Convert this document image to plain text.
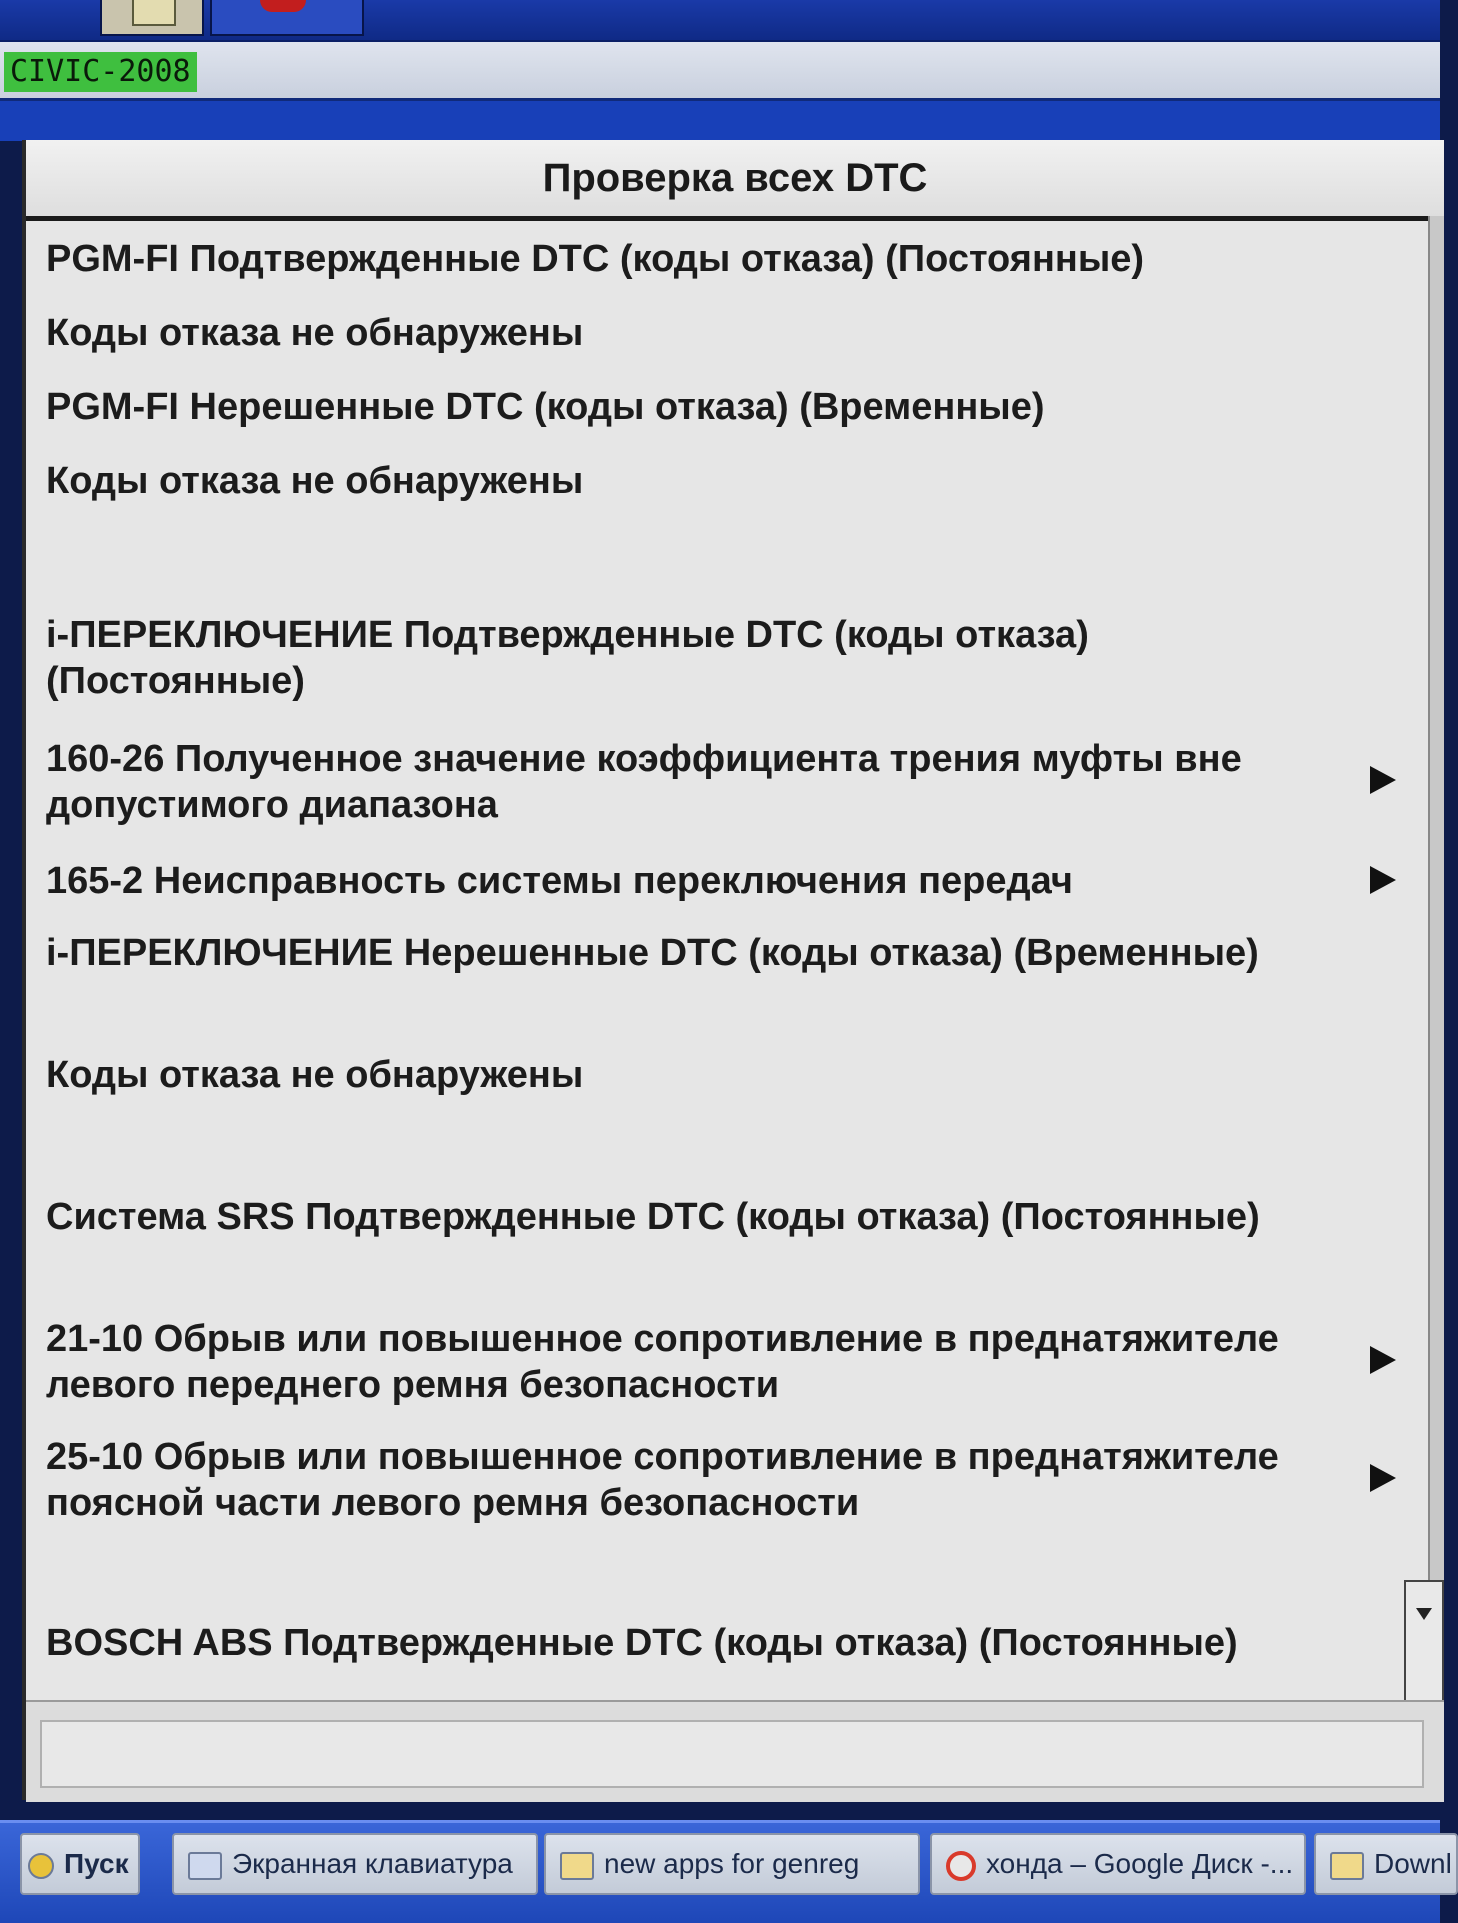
CIVIC-2008
Проверка всех DTC
PGM-FI Подтвержденные DTC (коды отказа) (Постоянные)
Коды отказа не обнаружены
PGM-FI Нерешенные DTC (коды отказа) (Временные)
Коды отказа не обнаружены
i-ПЕРЕКЛЮЧЕНИЕ Подтвержденные DTC (коды отказа) (Постоянные)
160-26 Полученное значение коэффициента трения муфты вне допустимого диапазона
165-2 Неисправность системы переключения передач
i-ПЕРЕКЛЮЧЕНИЕ Нерешенные DTC (коды отказа) (Временные)
Коды отказа не обнаружены
Система SRS Подтвержденные DTC (коды отказа) (Постоянные)
21-10 Обрыв или повышенное сопротивление в преднатяжителе левого переднего ремня безопасности
25-10 Обрыв или повышенное сопротивление в преднатяжителе поясной части левого ремня безопасности
BOSCH ABS Подтвержденные DTC (коды отказа) (Постоянные)
Пуск	Экранная клавиатура	new apps for genreg	хонда – Google Диск -...	Downl
